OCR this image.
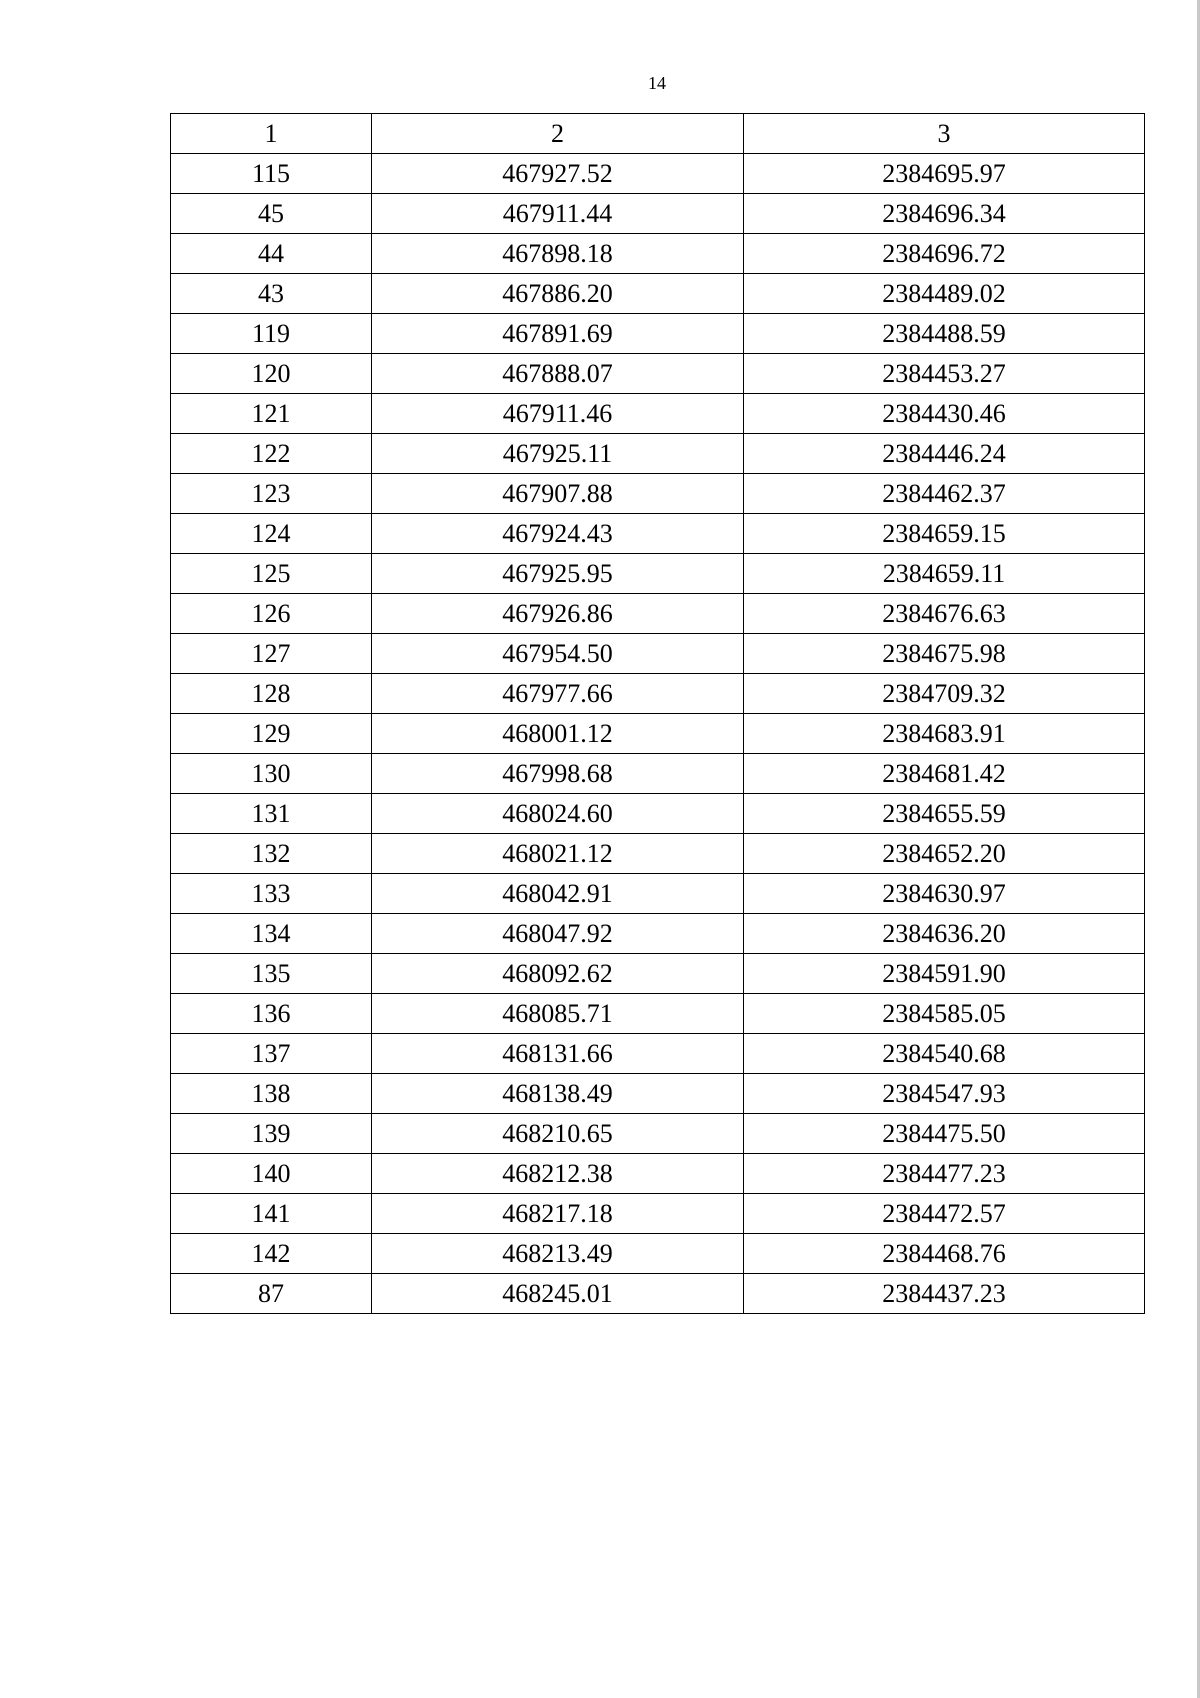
14
1	2	3
115	467927.52	2384695.97
45	467911.44	2384696.34
44	467898.18	2384696.72
43	467886.20	2384489.02
119	467891.69	2384488.59
120	467888.07	2384453.27
121	467911.46	2384430.46
122	467925.11	2384446.24
123	467907.88	2384462.37
124	467924.43	2384659.15
125	467925.95	2384659.11
126	467926.86	2384676.63
127	467954.50	2384675.98
128	467977.66	2384709.32
129	468001.12	2384683.91
130	467998.68	2384681.42
131	468024.60	2384655.59
132	468021.12	2384652.20
133	468042.91	2384630.97
134	468047.92	2384636.20
135	468092.62	2384591.90
136	468085.71	2384585.05
137	468131.66	2384540.68
138	468138.49	2384547.93
139	468210.65	2384475.50
140	468212.38	2384477.23
141	468217.18	2384472.57
142	468213.49	2384468.76
87	468245.01	2384437.23
